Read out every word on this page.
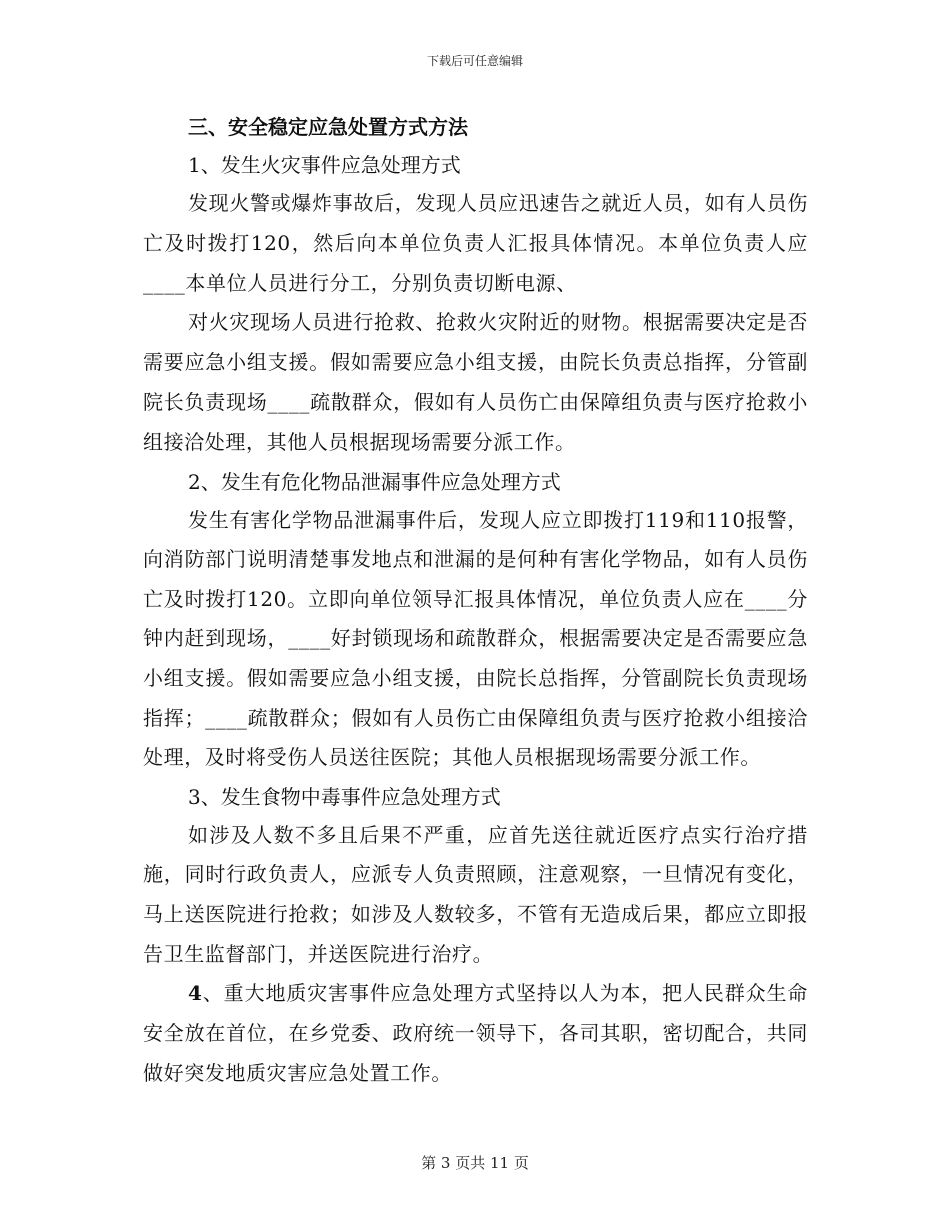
下载后可任意编辑

三、安全稳定应急处置方式方法

1、发生火灾事件应急处理方式

发现火警或爆炸事故后，发现人员应迅速告之就近人员，如有人员伤亡及时拨打120，然后向本单位负责人汇报具体情况。本单位负责人应____本单位人员进行分工，分别负责切断电源、

对火灾现场人员进行抢救、抢救火灾附近的财物。根据需要决定是否需要应急小组支援。假如需要应急小组支援，由院长负责总指挥，分管副院长负责现场____疏散群众，假如有人员伤亡由保障组负责与医疗抢救小组接洽处理，其他人员根据现场需要分派工作。

2、发生有危化物品泄漏事件应急处理方式

发生有害化学物品泄漏事件后，发现人应立即拨打119和110报警，向消防部门说明清楚事发地点和泄漏的是何种有害化学物品，如有人员伤亡及时拨打120。立即向单位领导汇报具体情况，单位负责人应在____分钟内赶到现场，____好封锁现场和疏散群众，根据需要决定是否需要应急小组支援。假如需要应急小组支援，由院长总指挥，分管副院长负责现场指挥；____疏散群众；假如有人员伤亡由保障组负责与医疗抢救小组接洽处理，及时将受伤人员送往医院；其他人员根据现场需要分派工作。

3、发生食物中毒事件应急处理方式

如涉及人数不多且后果不严重，应首先送往就近医疗点实行治疗措施，同时行政负责人，应派专人负责照顾，注意观察，一旦情况有变化，马上送医院进行抢救；如涉及人数较多，不管有无造成后果，都应立即报告卫生监督部门，并送医院进行治疗。

4、重大地质灾害事件应急处理方式坚持以人为本，把人民群众生命安全放在首位，在乡党委、政府统一领导下，各司其职，密切配合，共同做好突发地质灾害应急处置工作。

第 3 页共 11 页
